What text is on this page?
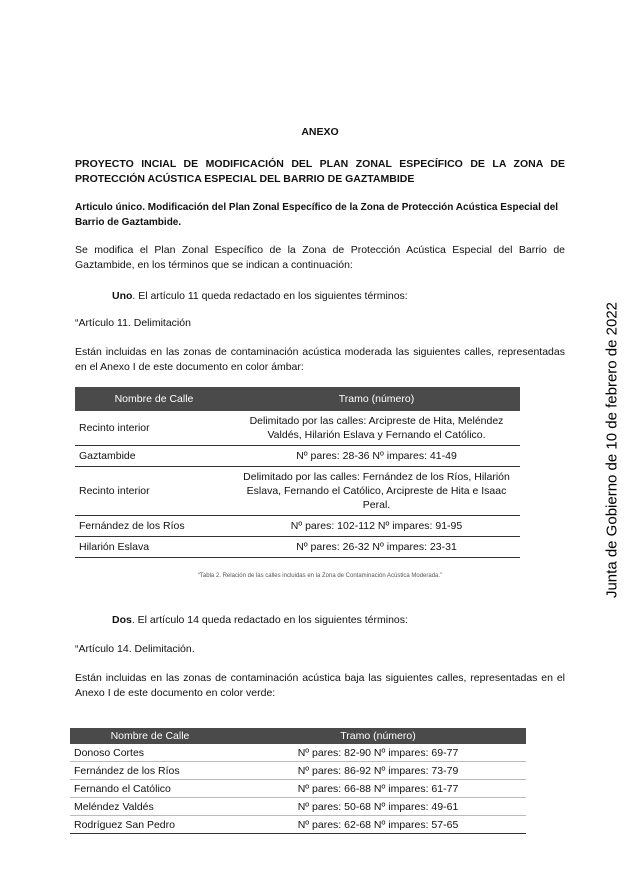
ANEXO
PROYECTO INCIAL DE MODIFICACIÓN DEL PLAN ZONAL ESPECÍFICO DE LA ZONA DE PROTECCIÓN ACÚSTICA ESPECIAL DEL BARRIO DE GAZTAMBIDE
Articulo único. Modificación del Plan Zonal Específico de la Zona de Protección Acústica Especial del Barrio de Gaztambide.
Se modifica el Plan Zonal Específico de la Zona de Protección Acústica Especial del Barrio de Gaztambide, en los términos que se indican a continuación:
Uno. El artículo 11 queda redactado en los siguientes términos:
“Artículo 11. Delimitación
Están incluidas en las zonas de contaminación acústica moderada las siguientes calles, representadas en el Anexo I de este documento en color ámbar:
Nombre de Calle	Tramo (número)
Recinto interior	Delimitado por las calles: Arcipreste de Hita, Meléndez Valdés, Hilarión Eslava y Fernando el Católico.
Gaztambide	Nº pares: 28-36 Nº impares: 41-49
Recinto interior	Delimitado por las calles: Fernández de los Ríos, Hilarión Eslava, Fernando el Católico, Arcipreste de Hita e Isaac Peral.
Fernández de los Ríos	Nº pares: 102-112 Nº impares: 91-95
Hilarión Eslava	Nº pares: 26-32 Nº impares: 23-31
“Tabla 2. Relación de las calles incluidas en la Zona de Contaminación Acústica Moderada.”
Dos. El artículo 14 queda redactado en los siguientes términos:
“Artículo 14. Delimitación.
Están incluidas en las zonas de contaminación acústica baja las siguientes calles, representadas en el Anexo I de este documento en color verde:
Nombre de Calle	Tramo (número)
Donoso Cortes	Nº pares: 82-90 Nº impares: 69-77
Fernández de los Ríos	Nº pares: 86-92 Nº impares: 73-79
Fernando el Católico	Nº pares: 66-88 Nº impares: 61-77
Meléndez Valdés	Nº pares: 50-68 Nº impares: 49-61
Rodríguez San Pedro	Nº pares: 62-68 Nº impares: 57-65
Junta de Gobierno de 10 de febrero de 2022
